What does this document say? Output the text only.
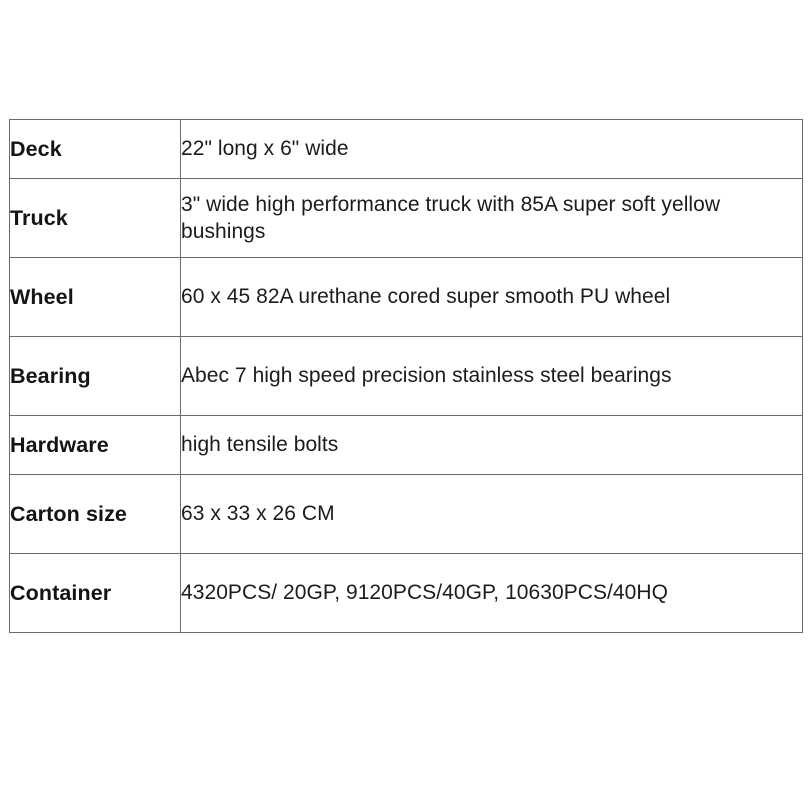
Deck	22" long x 6" wide
Truck	3" wide high performance truck with 85A super soft yellow bushings
Wheel	60 x 45 82A urethane cored super smooth PU wheel
Bearing	Abec 7 high speed precision stainless steel bearings
Hardware	high tensile bolts
Carton size	63 x 33 x 26 CM
Container	4320PCS/ 20GP, 9120PCS/40GP, 10630PCS/40HQ
